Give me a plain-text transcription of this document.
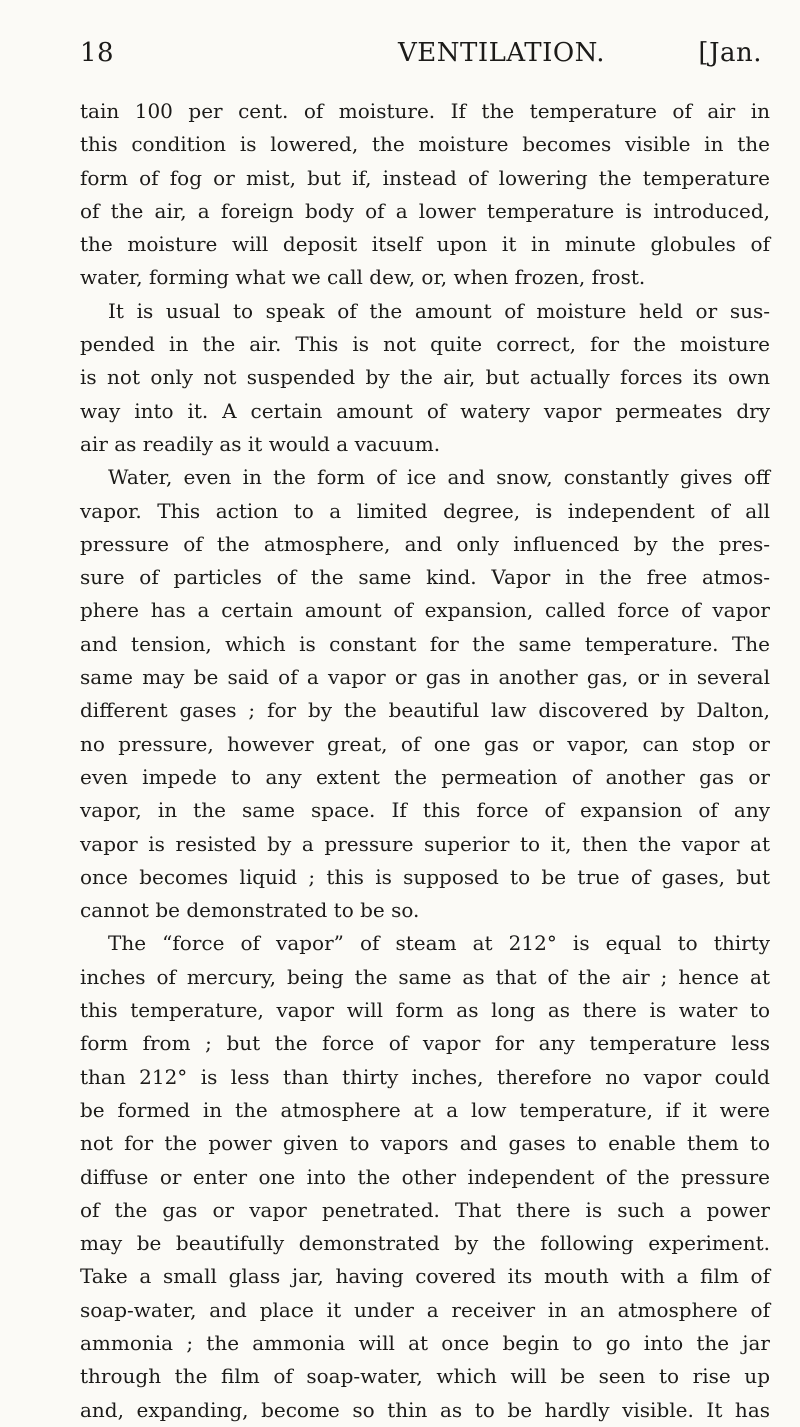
18	VENTILATION.	[Jan.
tain 100 per cent. of moisture. If the temperature of air in
this condition is lowered, the moisture becomes visible in the
form of fog or mist, but if, instead of lowering the temperature
of the air, a foreign body of a lower temperature is introduced,
the moisture will deposit itself upon it in minute globules of
water, forming what we call dew, or, when frozen, frost.
It is usual to speak of the amount of moisture held or sus-
pended in the air. This is not quite correct, for the moisture
is not only not suspended by the air, but actually forces its own
way into it. A certain amount of watery vapor permeates dry
air as readily as it would a vacuum.
Water, even in the form of ice and snow, constantly gives off
vapor. This action to a limited degree, is independent of all
pressure of the atmosphere, and only influenced by the pres-
sure of particles of the same kind. Vapor in the free atmos-
phere has a certain amount of expansion, called force of vapor
and tension, which is constant for the same temperature. The
same may be said of a vapor or gas in another gas, or in several
different gases ; for by the beautiful law discovered by Dalton,
no pressure, however great, of one gas or vapor, can stop or
even impede to any extent the permeation of another gas or
vapor, in the same space. If this force of expansion of any
vapor is resisted by a pressure superior to it, then the vapor at
once becomes liquid ; this is supposed to be true of gases, but
cannot be demonstrated to be so.
The “force of vapor” of steam at 212° is equal to thirty
inches of mercury, being the same as that of the air ; hence at
this temperature, vapor will form as long as there is water to
form from ; but the force of vapor for any temperature less
than 212° is less than thirty inches, therefore no vapor could
be formed in the atmosphere at a low temperature, if it were
not for the power given to vapors and gases to enable them to
diffuse or enter one into the other independent of the pressure
of the gas or vapor penetrated. That there is such a power
may be beautifully demonstrated by the following experiment.
Take a small glass jar, having covered its mouth with a film of
soap-water, and place it under a receiver in an atmosphere of
ammonia ; the ammonia will at once begin to go into the jar
through the film of soap-water, which will be seen to rise up
and, expanding, become so thin as to be hardly visible. It has
